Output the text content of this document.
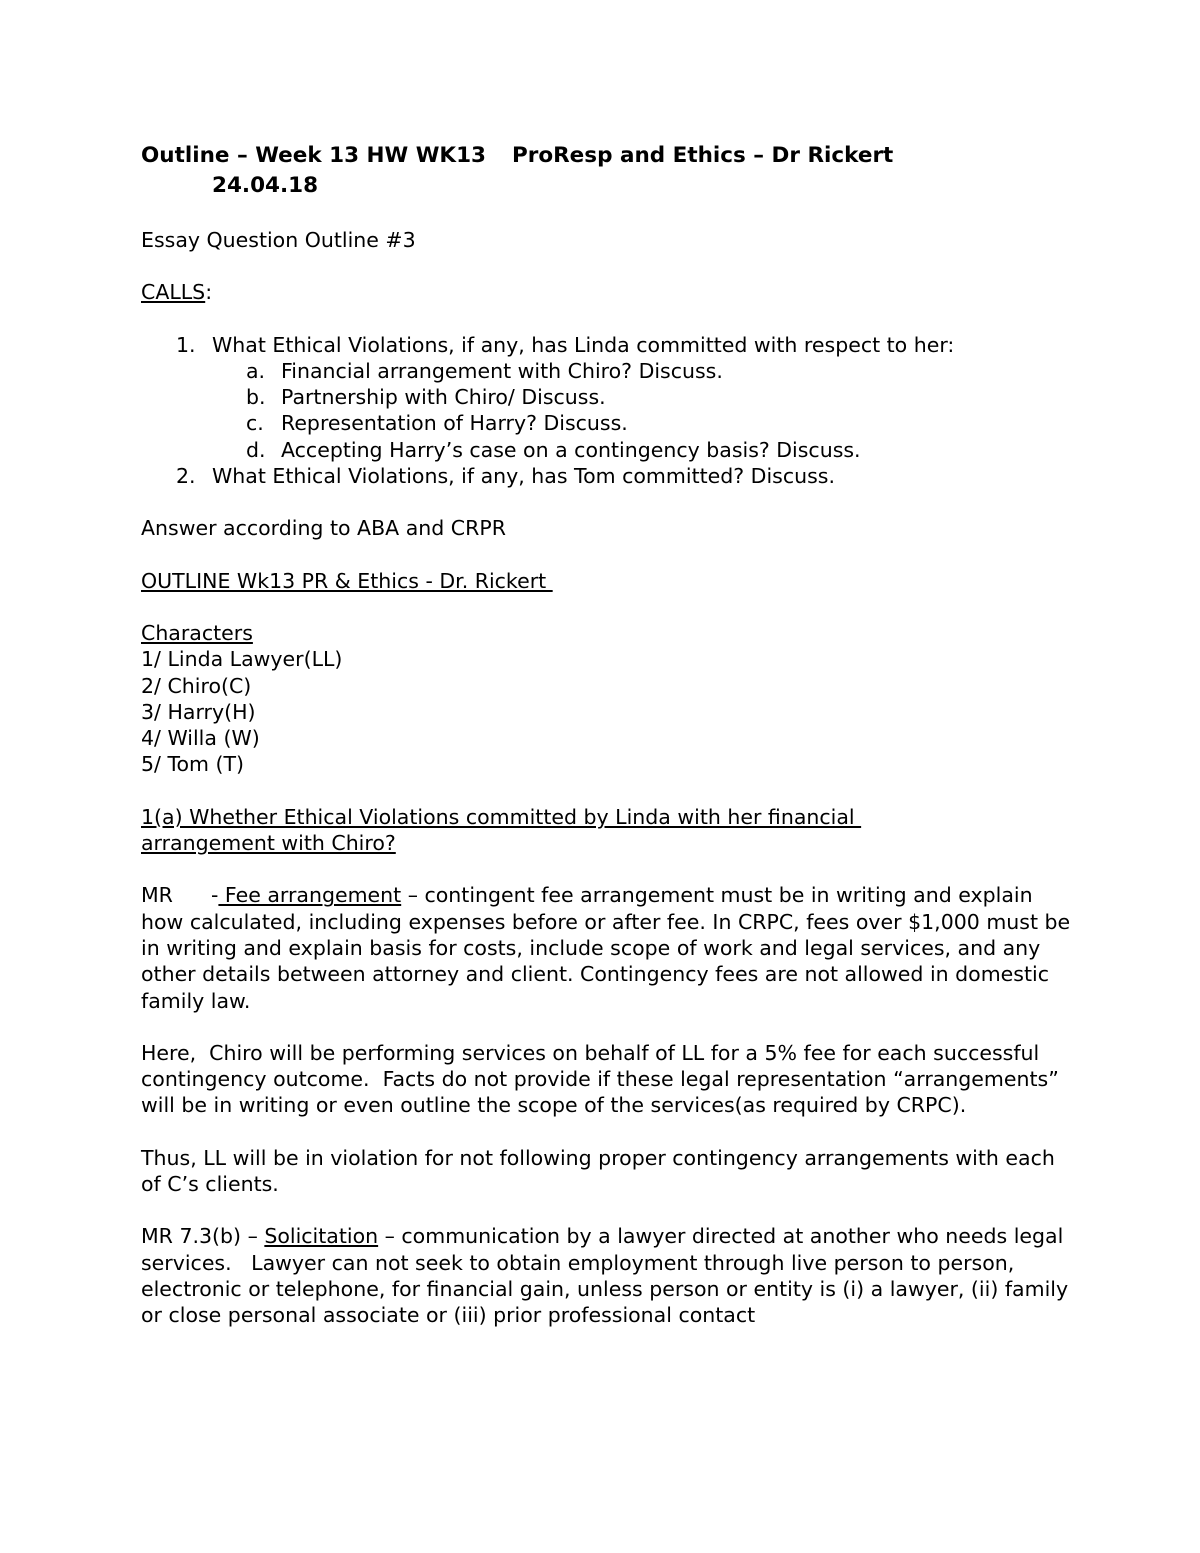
Outline – Week 13 HW WK13 ProResp and Ethics – Dr Rickert
24.04.18

Essay Question Outline #3

CALLS:

1. What Ethical Violations, if any, has Linda committed with respect to her:
a. Financial arrangement with Chiro? Discuss.
b. Partnership with Chiro/ Discuss.
c. Representation of Harry? Discuss.
d. Accepting Harry’s case on a contingency basis? Discuss.
2. What Ethical Violations, if any, has Tom committed? Discuss.

Answer according to ABA and CRPR

OUTLINE Wk13 PR & Ethics - Dr. Rickert

Characters

1/ Linda Lawyer(LL)

2/ Chiro(C)

3/ Harry(H)

4/ Willa (W)

5/ Tom (T)

1(a) Whether Ethical Violations committed by Linda with her financial

arrangement with Chiro?

MR - Fee arrangement – contingent fee arrangement must be in writing and explain how calculated, including expenses before or after fee. In CRPC, fees over $1,000 must be in writing and explain basis for costs, include scope of work and legal services, and any other details between attorney and client. Contingency fees are not allowed in domestic family law.

Here,  Chiro will be performing services on behalf of LL for a 5% fee for each successful contingency outcome.  Facts do not provide if these legal representation “arrangements” will be in writing or even outline the scope of the services(as required by CRPC).

Thus, LL will be in violation for not following proper contingency arrangements with each of C’s clients.

MR 7.3(b) – Solicitation – communication by a lawyer directed at another who needs legal services.   Lawyer can not seek to obtain employment through live person to person, electronic or telephone, for financial gain, unless person or entity is (i) a lawyer, (ii) family or close personal associate or (iii) prior professional contact
